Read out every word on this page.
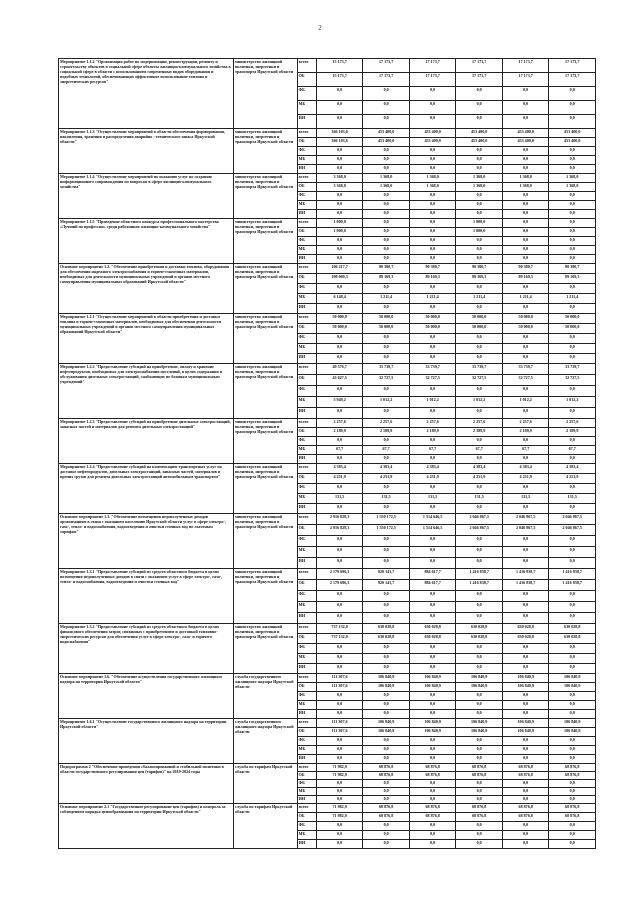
2
Мероприятие 1.1.2 "Организация работ по модернизации, реконструкции, ремонту и строительству объектов в социальной сфере объекты жилищно-коммунального хозяйства в социальной сфере в области с использованием современных видов оборудования и подобных технологий, обеспечивающих эффективное использование топлива и энергетических ресурсов"	министерство жилищной политики, энергетики и транспорта Иркутской области	всего	15 173,7	17 173,7	17 173,7	17 173,7	17 173,7	17 173,7
		ОБ	15 173,7	17 173,7	17 173,7	17 173,7	17 173,7	17 173,7
		ФБ	0,0	0,0	0,0	0,0	0,0	0,0
		МБ	0,0	0,0	0,0	0,0	0,0	0,0
		ИИ	0,0	0,0	0,0	0,0	0,0	0,0
Мероприятие 1.1.3 "Осуществление мероприятий в области обеспечения формирования, накопления, хранения и распределения аварийно - технического запаса Иркутской области"	министерство жилищной политики, энергетики и транспорта Иркутской области	всего	366 103,6	453 400,0	453 400,0	453 400,0	453 400,0	453 400,0
		ОБ	366 103,6	453 400,0	453 400,0	453 400,0	453 400,0	453 400,0
		ФБ	0,0	0,0	0,0	0,0	0,0	0,0
		МБ	0,0	0,0	0,0	0,0	0,0	0,0
		ИИ	0,0	0,0	0,0	0,0	0,0	0,0
Мероприятие 1.1.4 "Осуществление мероприятий по оказанию услуг по созданию информационного сопровождения по вопросам в сфере жилищно-коммунального хозяйства"	министерство жилищной политики, энергетики и транспорта Иркутской области	всего	3 368,0	1 368,0	1 368,0	1 368,0	1 368,0	1 368,0
		ОБ	3 368,0	1 368,0	1 368,0	1 368,0	1 368,0	1 368,0
		ФБ	0,0	0,0	0,0	0,0	0,0	0,0
		МБ	0,0	0,0	0,0	0,0	0,0	0,0
		ИИ	0,0	0,0	0,0	0,0	0,0	0,0
Мероприятие 1.1.5 "Проведение областного конкурса профессионального мастерства «Лучший по профессии» среди работников жилищно-коммунального хозяйства"	министерство жилищной политики, энергетики и транспорта Иркутской области	всего	1 000,0	0,0	0,0	1 000,0	0,0	0,0
		ОБ	1 000,0	0,0	0,0	1 000,0	0,0	0,0
		ФБ	0,0	0,0	0,0	0,0	0,0	0,0
		МБ	0,0	0,0	0,0	0,0	0,0	0,0
		ИИ	0,0	0,0	0,0	0,0	0,0	0,0
Основное мероприятие 1.2. "Обеспечение приобретения и доставки топлива, оборудования для обеспечения надежного электроснабжения и горюче-смазочных материалов, необходимых для деятельности муниципальных учреждений и органов местного самоуправления муниципальных образований Иркутской области"	министерство жилищной политики, энергетики и транспорта Иркутской области	всего	106 217,7	90 380,7	90 380,7	90 380,7	90 380,7	90 380,7
		ОБ	100 069,3	89 169,3	89 169,3	89 169,3	89 169,3	89 169,3
		ФБ	0,0	0,0	0,0	0,0	0,0	0,0
		МБ	6 148,4	1 211,4	1 211,4	1 211,4	1 211,4	1 211,4
		ИИ	0,0	0,0	0,0	0,0	0,0	0,0
Мероприятие 1.2.1 "Осуществление мероприятий в области приобретения и доставки топлива и горюче-смазочных материалов, необходимых для обеспечения деятельности муниципальных учреждений и органов местного самоуправления муниципальных образований Иркутской области"	министерство жилищной политики, энергетики и транспорта Иркутской области	всего	50 000,0	50 000,0	50 000,0	50 000,0	50 000,0	50 000,0
		ОБ	50 000,0	50 000,0	50 000,0	50 000,0	50 000,0	50 000,0
		ФБ	0,0	0,0	0,0	0,0	0,0	0,0
		МБ	0,0	0,0	0,0	0,0	0,0	0,0
		ИИ	0,0	0,0	0,0	0,0	0,0	0,0
Мероприятие 1.2.2 "Предоставление субсидий на приобретение, оплату и хранение нефтепродуктов, необходимых для электроснабжения поселений, в целях содержания и обслуживания дизельных электростанций, снабжающих по базовым муниципальным учреждений"	министерство жилищной политики, энергетики и транспорта Иркутской области	всего	49 576,7	33 739,7	33 739,7	33 739,7	33 739,7	33 739,7
		ОБ	43 627,5	32 727,5	32 727,5	32 727,5	32 727,5	32 727,5
		ФБ	0,0	0,0	0,0	0,0	0,0	0,0
		МБ	5 949,2	1 012,2	1 012,2	1 012,2	1 012,2	1 012,2
		ИИ	0,0	0,0	0,0	0,0	0,0	0,0
Мероприятие 1.2.3 "Предоставление субсидий на приобретение дизельных электростанций, запасных частей и материалов для ремонта дизельных электростанций"	министерство жилищной политики, энергетики и транспорта Иркутской области	всего	2 257,6	2 257,6	2 257,6	2 257,6	2 257,6	2 257,6
		ОБ	2 189,9	2 189,9	2 189,9	2 189,9	2 189,9	2 189,9
		ФБ	0,0	0,0	0,0	0,0	0,0	0,0
		МБ	67,7	67,7	67,7	67,7	67,7	67,7
		ИИ	0,0	0,0	0,0	0,0	0,0	0,0
Мероприятие 1.2.4 "Предоставление субсидий на компенсацию транспортных услуг по доставке нефтепродуктов, дизельных электростанций, запасных частей, материалов и прочих грузов для ремонта дизельных электростанций автомобильным транспортом"	министерство жилищной политики, энергетики и транспорта Иркутской области	всего	4 383,4	4 383,4	4 383,4	4 383,4	4 383,4	4 383,4
		ОБ	4 251,9	4 251,9	4 251,9	4 251,9	4 251,9	4 251,9
		ФБ	0,0	0,0	0,0	0,0	0,0	0,0
		МБ	131,5	131,5	131,5	131,5	131,5	131,5
		ИИ	0,0	0,0	0,0	0,0	0,0	0,0
Основное мероприятие 1.3. "Обеспечение возмещения недополученных доходов организациям в связи с оказанием населению Иркутской области услуг в сфере электро-, газо-, тепло- и водоснабжения, водоотведения и очистки сточных вод по льготным тарифам"	министерство жилищной политики, энергетики и транспорта Иркутской области	всего	2 916 828,3	1 550 172,5	1 514 646,5	2 046 867,5	2 046 867,5	2 046 867,5
		ОБ	2 916 828,3	1 550 172,5	1 514 646,5	2 046 867,5	2 046 867,5	2 046 867,5
		ФБ	0,0	0,0	0,0	0,0	0,0	0,0
		МБ	0,0	0,0	0,0	0,0	0,0	0,0
		ИИ	0,0	0,0	0,0	0,0	0,0	0,0
Мероприятие 1.3.1 "Предоставление субсидий из средств областного бюджета в целях возмещения недополученных доходов в связи с оказанием услуг в сфере электро-, газо-, тепло- и водоснабжения, водоотведения и очистки сточных вод"	министерство жилищной политики, энергетики и транспорта Иркутской области	всего	2 179 696,3	920 143,7	884 617,7	1 416 838,7	1 416 838,7	1 416 838,7
		ОБ	2 179 696,3	920 143,7	884 617,7	1 416 838,7	1 416 838,7	1 416 838,7
		ФБ	0,0	0,0	0,0	0,0	0,0	0,0
		МБ	0,0	0,0	0,0	0,0	0,0	0,0
		ИИ	0,0	0,0	0,0	0,0	0,0	0,0
Мероприятие 1.3.2 "Предоставление субсидий из средств областного бюджета в целях финансового обеспечения затрат, связанных с приобретением и доставкой топливно-энергетических ресурсов для обеспечения услуг в сфере электро-, газо- и горячего водоснабжения"	министерство жилищной политики, энергетики и транспорта Иркутской области	всего	737 132,0	630 028,8	630 028,8	630 028,8	630 028,8	630 028,8
		ОБ	737 132,0	630 028,8	630 028,8	630 028,8	630 028,8	630 028,8
		ФБ	0,0	0,0	0,0	0,0	0,0	0,0
		МБ	0,0	0,0	0,0	0,0	0,0	0,0
		ИИ	0,0	0,0	0,0	0,0	0,0	0,0
Основное мероприятие 1.6. "Обеспечение осуществления государственного жилищного надзора на территории Иркутской области"	служба государственного жилищного надзора Иркутской области	всего	111 307,6	106 840,9	106 840,9	106 840,9	106 840,9	106 840,9
		ОБ	111 307,6	106 840,9	106 840,9	106 840,9	106 840,9	106 840,9
		ФБ	0,0	0,0	0,0	0,0	0,0	0,0
		МБ	0,0	0,0	0,0	0,0	0,0	0,0
		ИИ	0,0	0,0	0,0	0,0	0,0	0,0
Мероприятие 1.6.1 "Осуществление государственного жилищного надзора на территории Иркутской области"	служба государственного жилищного надзора Иркутской области	всего	111 307,6	106 840,9	106 840,9	106 840,9	106 840,9	106 840,9
		ОБ	111 307,6	106 840,9	106 840,9	106 840,9	106 840,9	106 840,9
		ФБ	0,0	0,0	0,0	0,0	0,0	0,0
		МБ	0,0	0,0	0,0	0,0	0,0	0,0
		ИИ	0,0	0,0	0,0	0,0	0,0	0,0
Подпрограмма 2 "Обеспечение проведения сбалансированной и стабильной политики в области государственного регулирования цен (тарифов)" на 2019-2024 годы	служба по тарифам Иркутской области	всего	71 982,9	68 876,8	68 876,8	68 876,8	68 876,8	68 876,8
		ОБ	71 982,9	68 876,8	68 876,8	68 876,8	68 876,8	68 876,8
		ФБ	0,0	0,0	0,0	0,0	0,0	0,0
		МБ	0,0	0,0	0,0	0,0	0,0	0,0
		ИИ	0,0	0,0	0,0	0,0	0,0	0,0
Основное мероприятие 2.1 "Государственное регулирование цен (тарифов) и контроль за соблюдением порядка ценообразования на территории Иркутской области"	служба по тарифам Иркутской области	всего	71 982,9	68 876,8	68 876,8	68 876,8	68 876,8	68 876,8
		ОБ	71 982,9	68 876,8	68 876,8	68 876,8	68 876,8	68 876,8
		ФБ	0,0	0,0	0,0	0,0	0,0	0,0
		МБ	0,0	0,0	0,0	0,0	0,0	0,0
		ИИ	0,0	0,0	0,0	0,0	0,0	0,0
